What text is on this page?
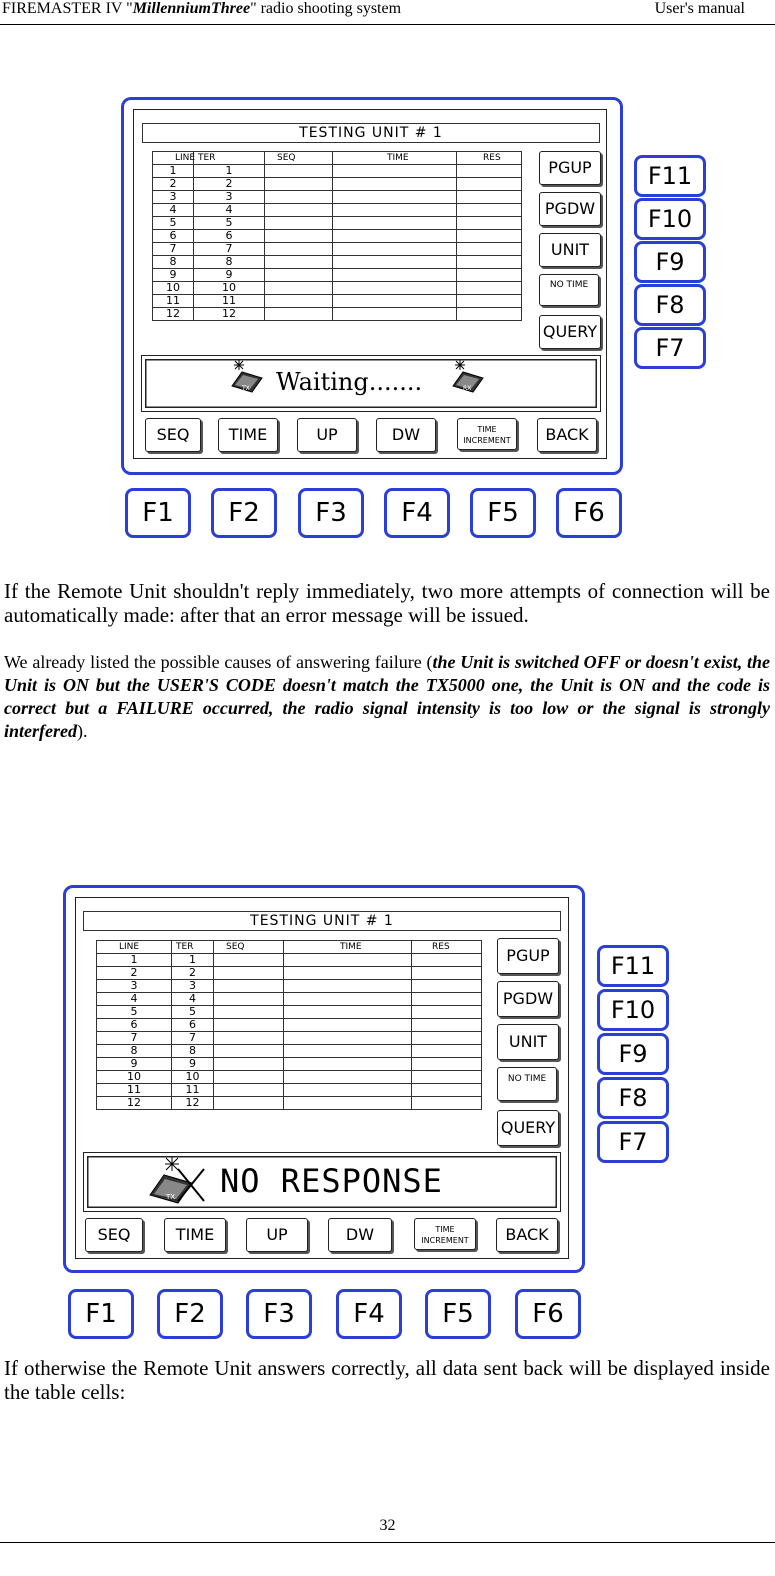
FIREMASTER IV "MillenniumThree" radio shooting system	User's manual
TESTING UNIT # 1
LINE	TER	SEQ	TIME	RES
1	1			
2	2			
3	3			
4	4			
5	5			
6	6			
7	7			
8	8			
9	9			
10	10			
11	11			
12	12			
PGUP
PGDW
UNIT
NO TIME
QUERY
TX Waiting.......	RX
SEQ	TIME	UP	DW	TIME INCREMENT	BACK
F11
F10
F9
F8
F7
F1	F2	F3	F4	F5	F6

If the Remote Unit shouldn't reply immediately, two more attempts of connection will be automatically made: after that an error message will be issued.

We already listed the possible causes of answering failure (the Unit is switched OFF or doesn't exist, the Unit is ON but the USER'S CODE doesn't match the TX5000 one, the Unit is ON and the code is correct but a FAILURE occurred, the radio signal intensity is too low or the signal is strongly interfered).

TESTING UNIT # 1
LINE	TER	SEQ	TIME	RES
1	1			
2	2			
3	3			
4	4			
5	5			
6	6			
7	7			
8	8			
9	9			
10	10			
11	11			
12	12			
PGUP
PGDW
UNIT
NO TIME
QUERY
TX NO RESPONSE
SEQ	TIME	UP	DW	TIME INCREMENT	BACK
F11
F10
F9
F8
F7
F1	F2	F3	F4	F5	F6

If otherwise the Remote Unit answers correctly, all data sent back will be displayed inside the table cells:

32
